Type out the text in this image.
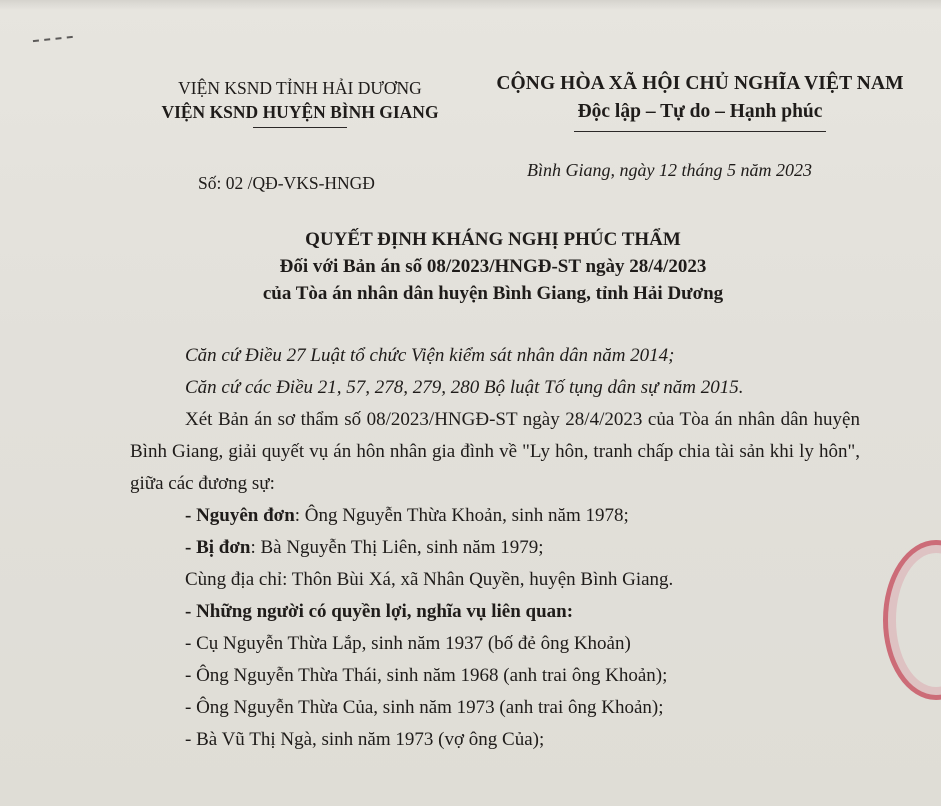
VIỆN KSND TỈNH HẢI DƯƠNG
VIỆN KSND HUYỆN BÌNH GIANG
CỘNG HÒA XÃ HỘI CHỦ NGHĨA VIỆT NAM
Độc lập – Tự do – Hạnh phúc
Số: 02 /QĐ-VKS-HNGĐ
Bình Giang, ngày 12 tháng 5 năm 2023
QUYẾT ĐỊNH KHÁNG NGHỊ PHÚC THẨM
Đối với Bản án số 08/2023/HNGĐ-ST ngày 28/4/2023
của Tòa án nhân dân huyện Bình Giang, tỉnh Hải Dương

Căn cứ Điều 27 Luật tổ chức Viện kiểm sát nhân dân năm 2014;

Căn cứ các Điều 21, 57, 278, 279, 280 Bộ luật Tố tụng dân sự năm 2015.

Xét Bản án sơ thẩm số 08/2023/HNGĐ-ST ngày 28/4/2023 của Tòa án nhân dân huyện Bình Giang, giải quyết vụ án hôn nhân gia đình về "Ly hôn, tranh chấp chia tài sản khi ly hôn", giữa các đương sự:

- Nguyên đơn: Ông Nguyễn Thừa Khoản, sinh năm 1978;

- Bị đơn: Bà Nguyễn Thị Liên, sinh năm 1979;

Cùng địa chỉ: Thôn Bùi Xá, xã Nhân Quyền, huyện Bình Giang.

- Những người có quyền lợi, nghĩa vụ liên quan:

- Cụ Nguyễn Thừa Lắp, sinh năm 1937 (bố đẻ ông Khoản)

- Ông Nguyễn Thừa Thái, sinh năm 1968 (anh trai ông Khoản);

- Ông Nguyễn Thừa Của, sinh năm 1973 (anh trai ông Khoản);

- Bà Vũ Thị Ngà, sinh năm 1973 (vợ ông Của);
